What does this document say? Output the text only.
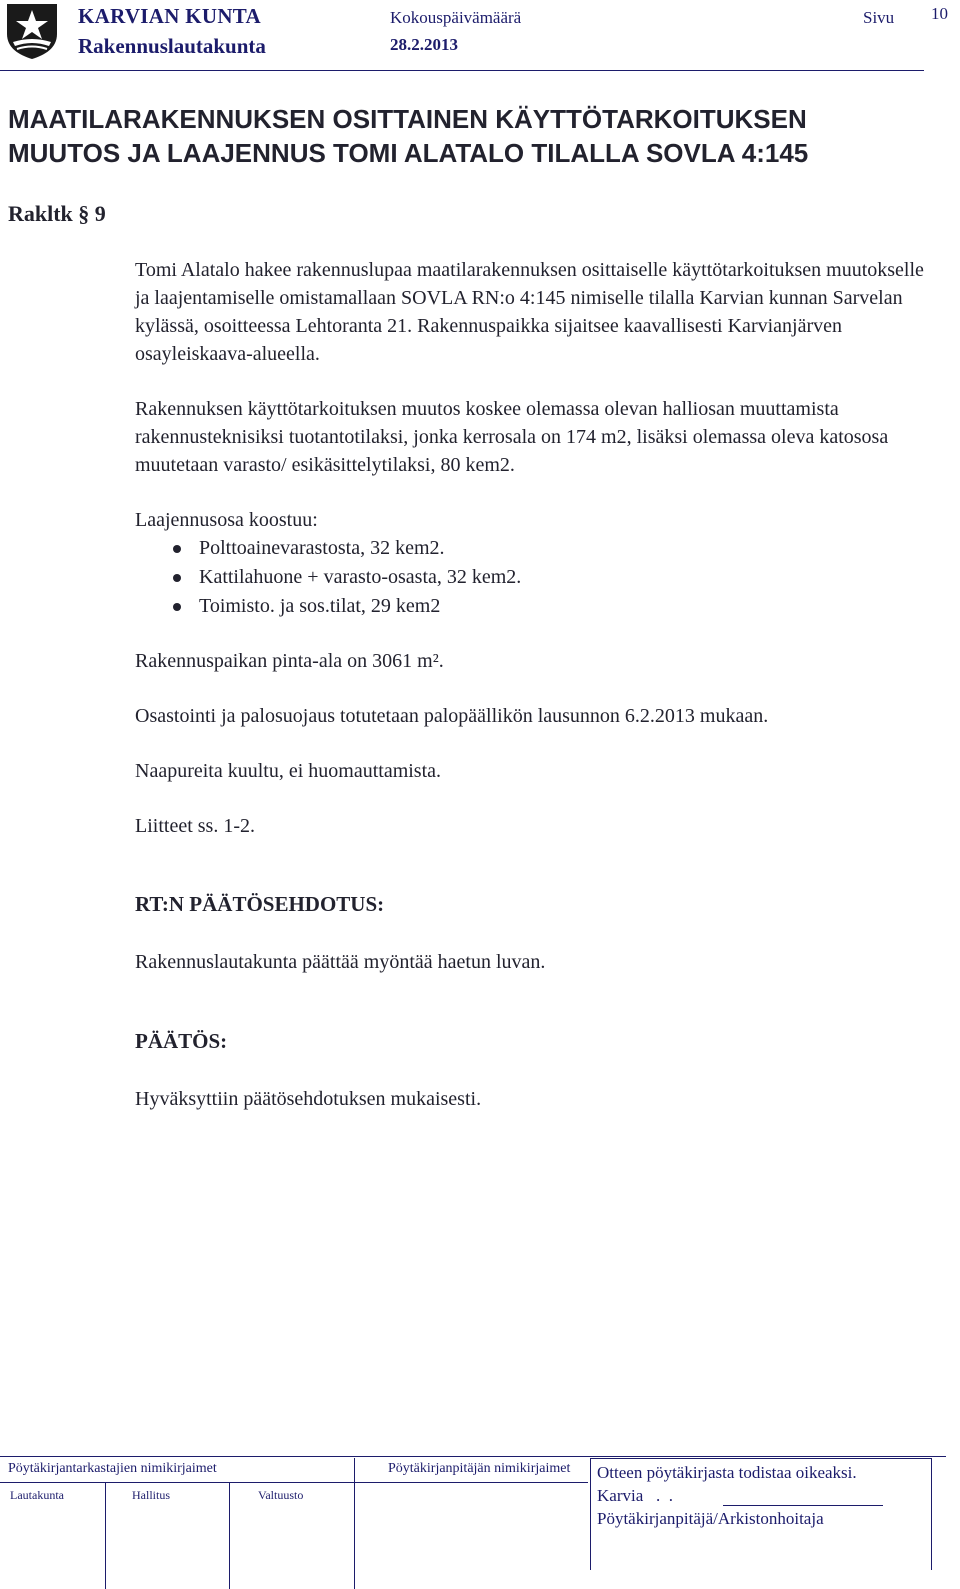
KARVIAN KUNTA
Rakennuslautakunta
Kokouspäivämäärä
28.2.2013
Sivu 10
MAATILARAKENNUKSEN OSITTAINEN KÄYTTÖTARKOITUKSEN
MUUTOS JA LAAJENNUS TOMI ALATALO TILALLA SOVLA 4:145
Rakltk § 9
Tomi Alatalo hakee rakennuslupaa maatilarakennuksen osittaiselle käyttötarkoituksen muutokselle ja laajentamiselle omistamallaan SOVLA RN:o 4:145 nimiselle tilalla Karvian kunnan Sarvelan kylässä, osoitteessa Lehtoranta 21. Rakennuspaikka sijaitsee kaavallisesti Karvianjärven osayleiskaava-alueella.
Rakennuksen käyttötarkoituksen muutos koskee olemassa olevan halliosan muuttamista rakennusteknisiksi tuotantotilaksi, jonka kerrosala on 174 m2, lisäksi olemassa oleva katososa muutetaan varasto/ esikäsittelytilaksi, 80 kem2.
Laajennusosa koostuu:
Polttoainevarastosta, 32 kem2.
Kattilahuone + varasto-osasta, 32 kem2.
Toimisto. ja sos.tilat, 29 kem2
Rakennuspaikan pinta-ala on 3061 m².
Osastointi ja palosuojaus totutetaan palopäällikön lausunnon 6.2.2013 mukaan.
Naapureita kuultu, ei huomauttamista.
Liitteet ss. 1-2.
RT:N PÄÄTÖSEHDOTUS:
Rakennuslautakunta päättää myöntää haetun luvan.
PÄÄTÖS:
Hyväksyttiin päätösehdotuksen mukaisesti.
Pöytäkirjantarkastajien nimikirjaimet	Pöytäkirjanpitäjän nimikirjaimet
Lautakunta	Hallitus	Valtuusto
Otteen pöytäkirjasta todistaa oikeaksi.
Karvia   .  .
Pöytäkirjanpitäjä/Arkistonhoitaja
